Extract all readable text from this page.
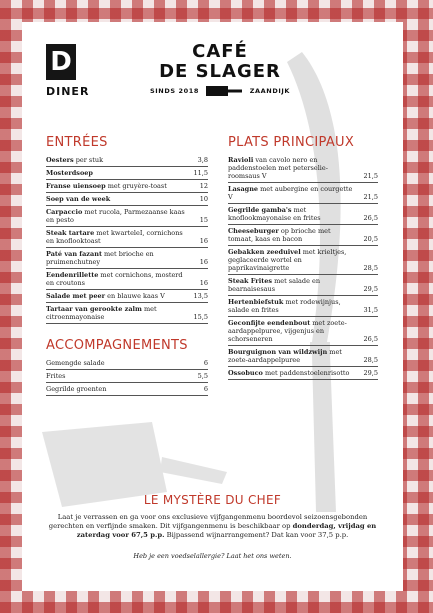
D
DINER
CAFÉ
DE SLAGER
SINDS 2018	ZAANDIJK
ENTRÉES
Oesters per stuk	3,8
Mosterdsoep	11,5
Franse uiensoep met gruyère-toast	12
Soep van de week	10
Carpaccio met rucola, Parmezaanse kaas en pesto	15
Steak tartare met kwarteleI, cornichons en knoflooktoast	16
Paté van fazant met brioche en pruimenchutney	16
Eendenrillette met cornichons, mosterd en croutons	16
Salade met peer en blauwe kaas V	13,5
Tartaar van gerookte zalm met citroenmayonaise	15,5
ACCOMPAGNEMENTS
Gemengde salade	6
Frites	5,5
Gegrilde groenten	6
PLATS PRINCIPAUX
Ravioli van cavolo nero en paddenstoelen met peterselie-roomsaus V	21,5
Lasagne met aubergine en courgette V	21,5
Gegrilde gamba's met knoflookmayonaise en frites	26,5
Cheeseburger op brioche met tomaat, kaas en bacon	20,5
Gebakken zeeduivel met krieltjes, geglaceerde wortel en paprikavinaigrette	28,5
Steak Frites met salade en bearnaisesaus	29,5
Hertenbiefstuk met rodewijnjus, salade en frites	31,5
Geconfijte eendenbout met zoete-aardappelpuree, vijgenjus en schorseneren	26,5
Bourguignon van wildzwijn met zoete-aardappelpuree	28,5
Ossobuco met paddenstoelenrisotto	29,5
LE MYSTÈRE DU CHEF
Laat je verrassen en ga voor ons exclusieve vijfgangenmenu boordevol seizoensgebonden gerechten en verfijnde smaken. Dit vijfgangenmenu is beschikbaar op donderdag, vrijdag en zaterdag voor 67,5 p.p. Bijpassend wijnarrangement? Dat kan voor 37,5 p.p.
Heb je een voedselallergie? Laat het ons weten.
